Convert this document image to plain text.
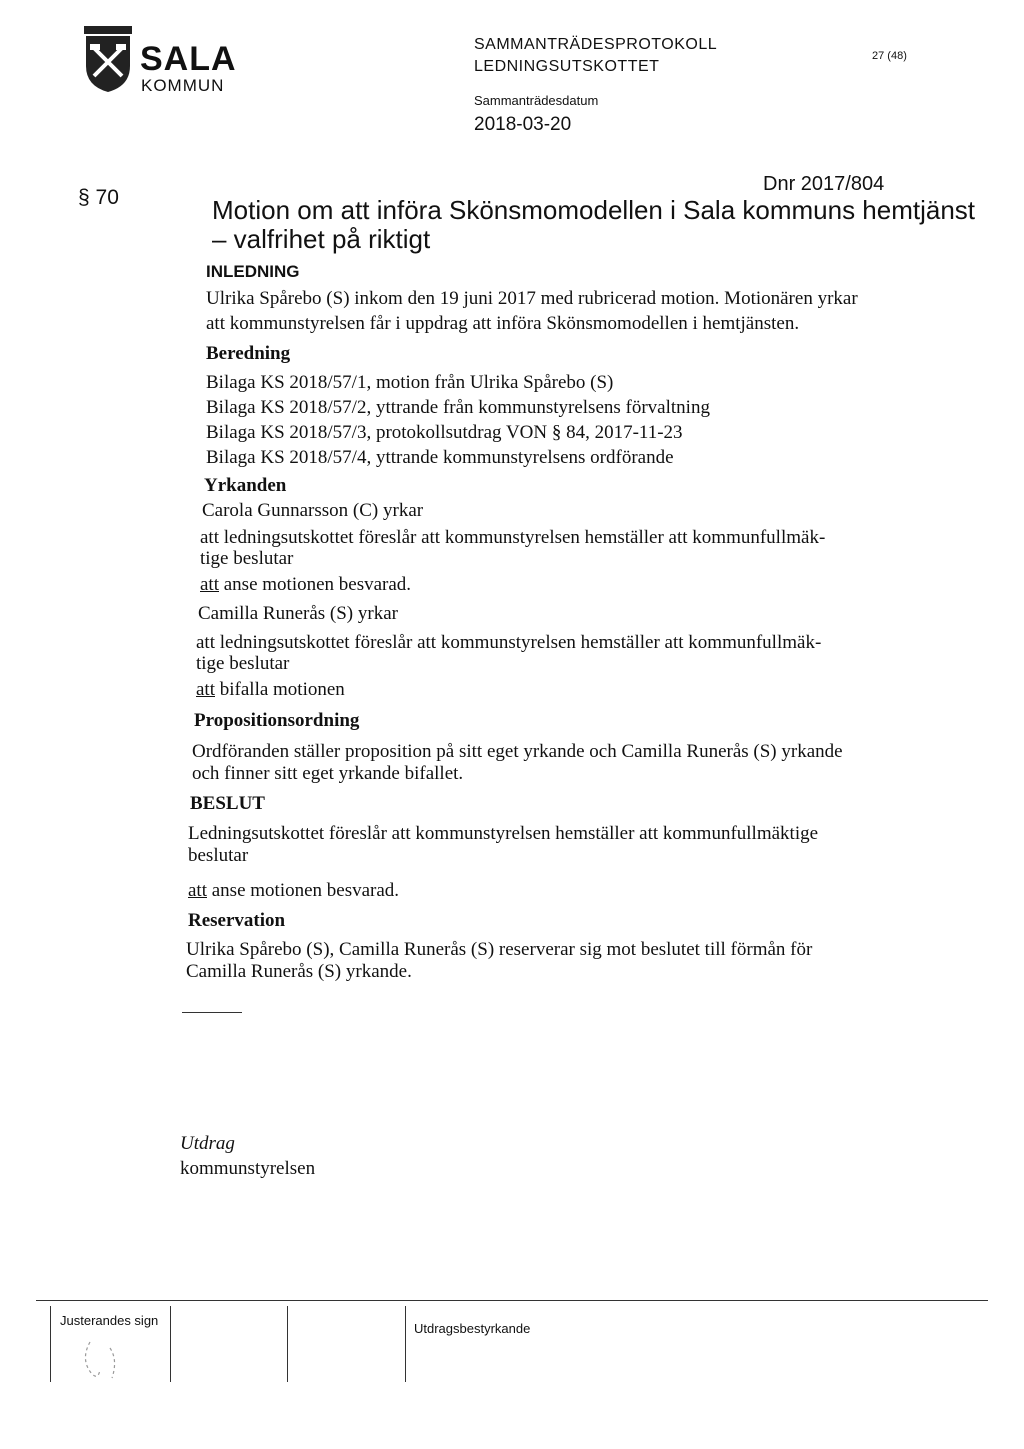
SALA
KOMMUN
SAMMANTRÄDESPROTOKOLL
LEDNINGSUTSKOTTET
Sammanträdesdatum
2018-03-20
27 (48)
§ 70
Dnr 2017/804
Motion om att införa Skönsmomodellen i Sala kommuns hemtjänst
– valfrihet på riktigt
INLEDNING
Ulrika Spårebo (S) inkom den 19 juni 2017 med rubricerad motion. Motionären yrkar
att kommunstyrelsen får i uppdrag att införa Skönsmomodellen i hemtjänsten.
Beredning
Bilaga KS 2018/57/1, motion från Ulrika Spårebo (S)
Bilaga KS 2018/57/2, yttrande från kommunstyrelsens förvaltning
Bilaga KS 2018/57/3, protokollsutdrag VON § 84, 2017-11-23
Bilaga KS 2018/57/4, yttrande kommunstyrelsens ordförande
Yrkanden
Carola Gunnarsson (C) yrkar
att ledningsutskottet föreslår att kommunstyrelsen hemställer att kommunfullmäk-
tige beslutar
att anse motionen besvarad.
Camilla Runerås (S) yrkar
att ledningsutskottet föreslår att kommunstyrelsen hemställer att kommunfullmäk-
tige beslutar
att bifalla motionen
Propositionsordning
Ordföranden ställer proposition på sitt eget yrkande och Camilla Runerås (S) yrkande
och finner sitt eget yrkande bifallet.
BESLUT
Ledningsutskottet föreslår att kommunstyrelsen hemställer att kommunfullmäktige
beslutar
att anse motionen besvarad.
Reservation
Ulrika Spårebo (S), Camilla Runerås (S) reserverar sig mot beslutet till förmån för
Camilla Runerås (S) yrkande.
Utdrag
kommunstyrelsen
Justerandes sign
Utdragsbestyrkande
